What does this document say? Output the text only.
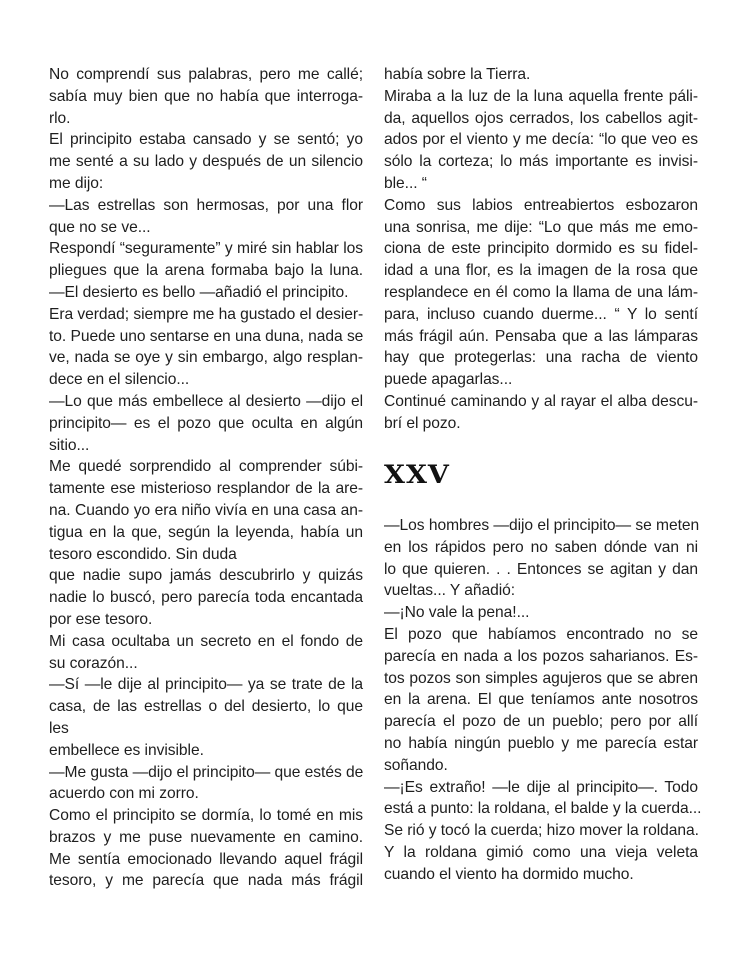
No comprendí sus palabras, pero me callé;
sabía muy bien que no había que interroga-
rlo.
El principito estaba cansado y se sentó; yo
me senté a su lado y después de un silencio
me dijo:
—Las estrellas son hermosas, por una flor
que no se ve...
Respondí “seguramente” y miré sin hablar los
pliegues que la arena formaba bajo la luna.
—El desierto es bello —añadió el principito.
Era verdad; siempre me ha gustado el desier-
to. Puede uno sentarse en una duna, nada se
ve, nada se oye y sin embargo, algo resplan-
dece en el silencio...
—Lo que más embellece al desierto —dijo el
principito— es el pozo que oculta en algún
sitio...
Me quedé sorprendido al comprender súbi-
tamente ese misterioso resplandor de la are-
na. Cuando yo era niño vivía en una casa an-
tigua en la que, según la leyenda, había un
tesoro escondido. Sin duda
que nadie supo jamás descubrirlo y quizás
nadie lo buscó, pero parecía toda encantada
por ese tesoro.
Mi casa ocultaba un secreto en el fondo de
su corazón...
—Sí —le dije al principito— ya se trate de la
casa, de las estrellas o del desierto, lo que
les
embellece es invisible.
—Me gusta —dijo el principito— que estés de
acuerdo con mi zorro.
Como el principito se dormía, lo tomé en mis
brazos y me puse nuevamente en camino.
Me sentía emocionado llevando aquel frágil
tesoro, y me parecía que nada más frágil
había sobre la Tierra.
Miraba a la luz de la luna aquella frente páli-
da, aquellos ojos cerrados, los cabellos agit-
ados por el viento y me decía: “lo que veo es
sólo la corteza; lo más importante es invisi-
ble... “
Como sus labios entreabiertos esbozaron
una sonrisa, me dije: “Lo que más me emo-
ciona de este principito dormido es su fidel-
idad a una flor, es la imagen de la rosa que
resplandece en él como la llama de una lám-
para, incluso cuando duerme... “ Y lo sentí
más frágil aún. Pensaba que a las lámparas
hay que protegerlas: una racha de viento
puede apagarlas...
Continué caminando y al rayar el alba descu-
brí el pozo.
XXV
—Los hombres —dijo el principito— se meten
en los rápidos pero no saben dónde van ni
lo que quieren. . . Entonces se agitan y dan
vueltas... Y añadió:
—¡No vale la pena!...
El pozo que habíamos encontrado no se
parecía en nada a los pozos saharianos. Es-
tos pozos son simples agujeros que se abren
en la arena. El que teníamos ante nosotros
parecía el pozo de un pueblo; pero por allí
no había ningún pueblo y me parecía estar
soñando.
—¡Es extraño! —le dije al principito—. Todo
está a punto: la roldana, el balde y la cuerda...
Se rió y tocó la cuerda; hizo mover la roldana.
Y la roldana gimió como una vieja veleta
cuando el viento ha dormido mucho.
